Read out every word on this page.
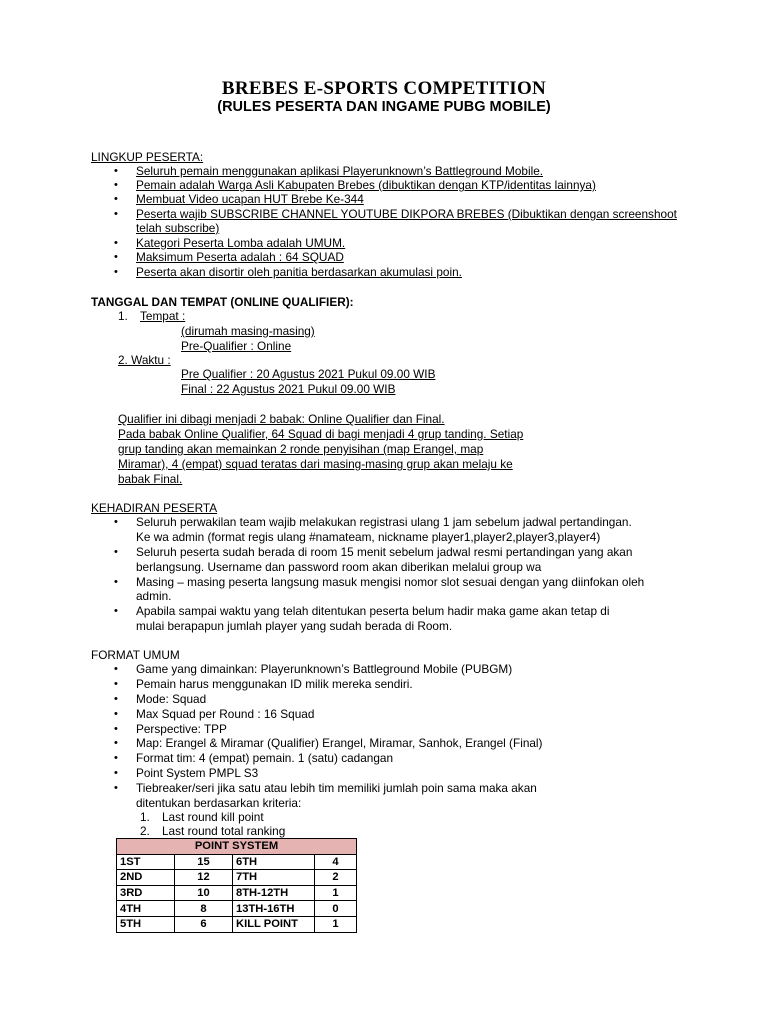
BREBES E-SPORTS COMPETITION
(RULES PESERTA DAN INGAME PUBG MOBILE)
LINGKUP PESERTA:
• Seluruh pemain menggunakan aplikasi Playerunknown’s Battleground Mobile.
• Pemain adalah Warga Asli Kabupaten Brebes (dibuktikan dengan KTP/identitas lainnya)
• Membuat Video ucapan HUT Brebe Ke-344
• Peserta wajib SUBSCRIBE CHANNEL YOUTUBE DIKPORA BREBES (Dibuktikan dengan screenshoot
telah subscribe)
• Kategori Peserta Lomba adalah UMUM.
• Maksimum Peserta adalah : 64 SQUAD
• Peserta akan disortir oleh panitia berdasarkan akumulasi poin.
TANGGAL DAN TEMPAT (ONLINE QUALIFIER):
1. Tempat :
(dirumah masing-masing)
Pre-Qualifier : Online
2. Waktu :
Pre Qualifier : 20 Agustus 2021 Pukul 09.00 WIB
Final : 22 Agustus 2021 Pukul 09.00 WIB
Qualifier ini dibagi menjadi 2 babak: Online Qualifier dan Final.
Pada babak Online Qualifier, 64 Squad di bagi menjadi 4 grup tanding. Setiap
grup tanding akan memainkan 2 ronde penyisihan (map Erangel, map
Miramar), 4 (empat) squad teratas dari masing-masing grup akan melaju ke
babak Final.
KEHADIRAN PESERTA
• Seluruh perwakilan team wajib melakukan registrasi ulang 1 jam sebelum jadwal pertandingan.
Ke wa admin (format regis ulang #namateam, nickname player1,player2,player3,player4)
• Seluruh peserta sudah berada di room 15 menit sebelum jadwal resmi pertandingan yang akan
berlangsung. Username dan password room akan diberikan melalui group wa
• Masing – masing peserta langsung masuk mengisi nomor slot sesuai dengan yang diinfokan oleh
admin.
• Apabila sampai waktu yang telah ditentukan peserta belum hadir maka game akan tetap di
mulai berapapun jumlah player yang sudah berada di Room.
FORMAT UMUM
• Game yang dimainkan: Playerunknown’s Battleground Mobile (PUBGM)
• Pemain harus menggunakan ID milik mereka sendiri.
• Mode: Squad
• Max Squad per Round : 16 Squad
• Perspective: TPP
• Map: Erangel & Miramar (Qualifier) Erangel, Miramar, Sanhok, Erangel (Final)
• Format tim: 4 (empat) pemain. 1 (satu) cadangan
• Point System PMPL S3
• Tiebreaker/seri jika satu atau lebih tim memiliki jumlah poin sama maka akan
ditentukan berdasarkan kriteria:
1. Last round kill point
2. Last round total ranking
POINT SYSTEM			
1ST	15	6TH	4
2ND	12	7TH	2
3RD	10	8TH-12TH	1
4TH	8	13TH-16TH	0
5TH	6	KILL POINT	1
